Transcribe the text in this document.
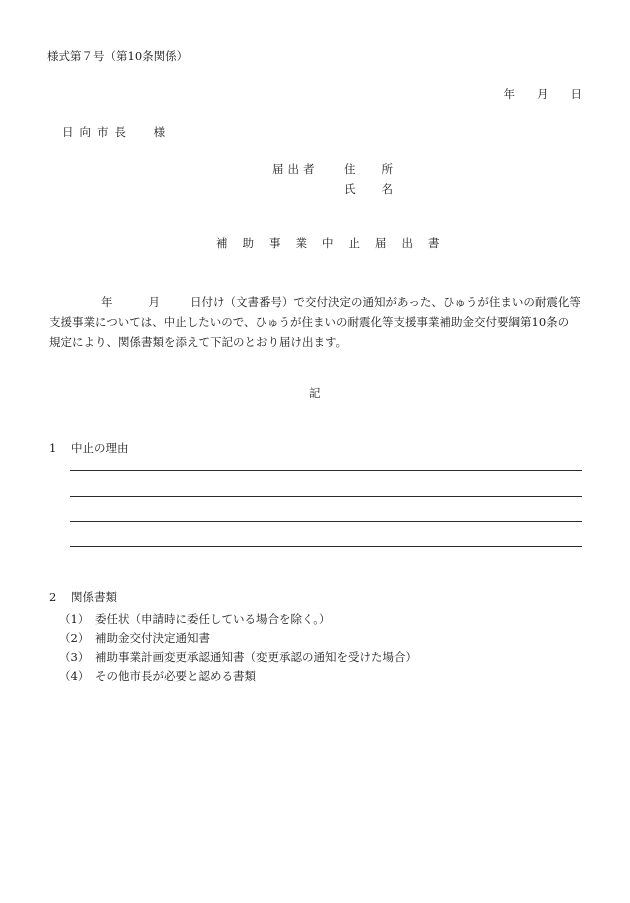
様式第７号（第10条関係）
年 月 日
日向市長 様
届出者 住 所
氏 名
補助事業中止届出書
年	月	日付け（文書番号）で交付決定の通知があった、ひゅうが住まいの耐震化等
支援事業については、中止したいので、ひゅうが住まいの耐震化等支援事業補助金交付要綱第10条の
規定により、関係書類を添えて下記のとおり届け出ます。
記
1 中止の理由
2 関係書類
（1） 委任状（申請時に委任している場合を除く。）
（2） 補助金交付決定通知書
（3） 補助事業計画変更承認通知書（変更承認の通知を受けた場合）
（4） その他市長が必要と認める書類
